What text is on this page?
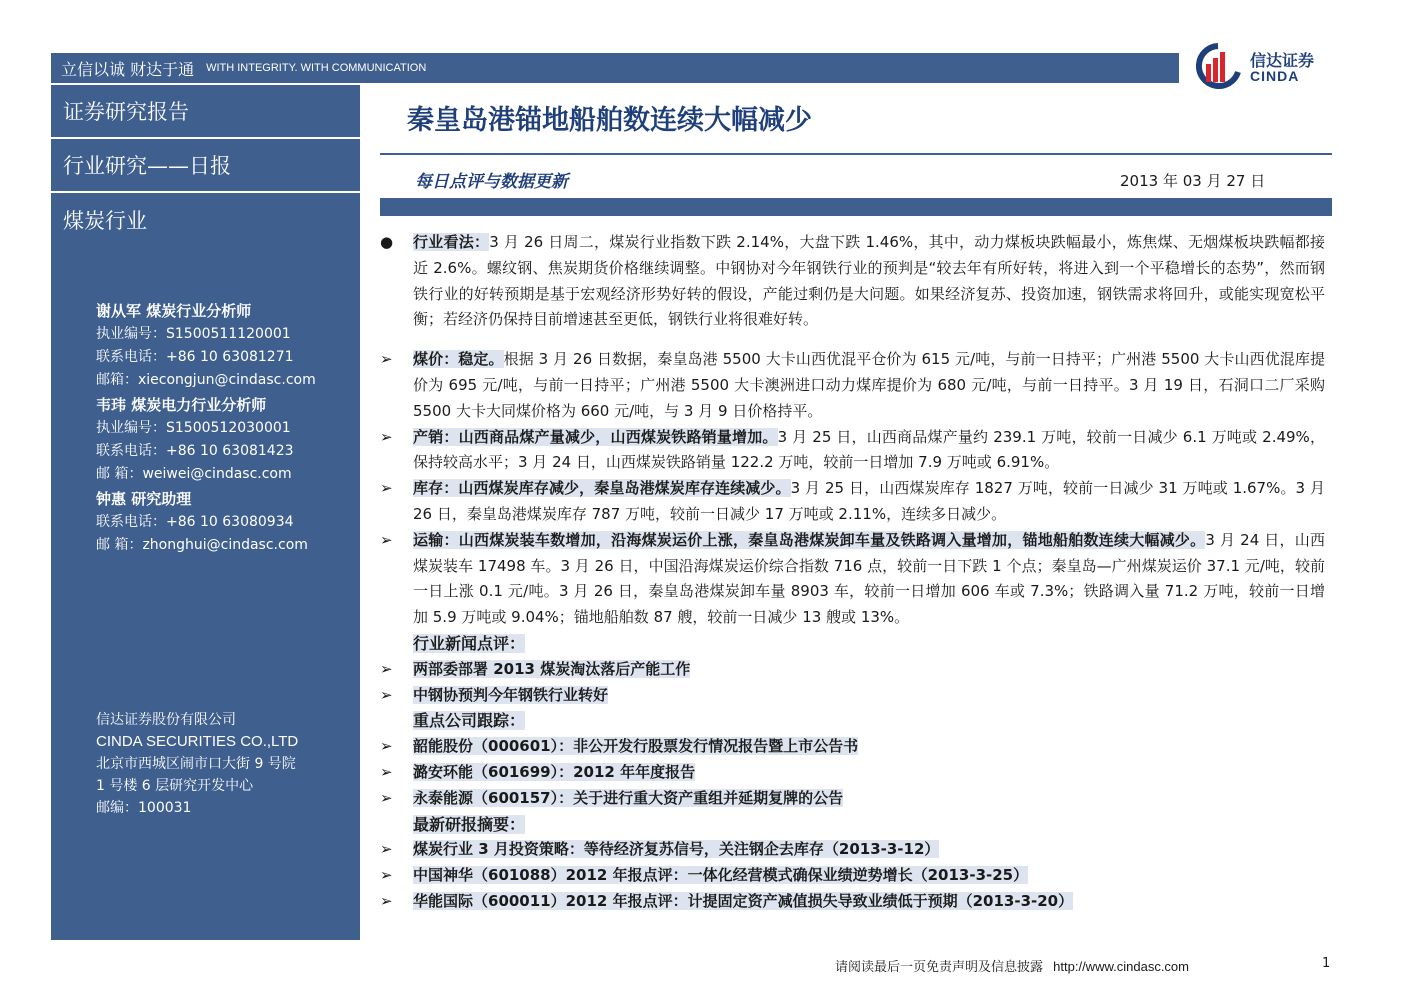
立信以诚 财达于通 WITH INTEGRITY. WITH COMMUNICATION	信达证券
CINDA
证券研究报告
行业研究——日报
煤炭行业
谢从军 煤炭行业分析师
执业编号：S1500511120001
联系电话：+86 10 63081271
邮箱：xiecongjun@cindasc.com
韦玮 煤炭电力行业分析师
执业编号：S1500512030001
联系电话：+86 10 63081423
邮 箱：weiwei@cindasc.com
钟惠 研究助理
联系电话：+86 10 63080934
邮 箱：zhonghui@cindasc.com
信达证券股份有限公司
CINDA SECURITIES CO.,LTD
北京市西城区闹市口大街 9 号院
1 号楼 6 层研究开发中心
邮编：100031
秦皇岛港锚地船舶数连续大幅减少
每日点评与数据更新	2013 年 03 月 27 日
●	行业看法：3 月 26 日周二，煤炭行业指数下跌 2.14%，大盘下跌 1.46%，其中，动力煤板块跌幅最小，炼焦煤、无烟煤板块跌幅都接近 2.6%。螺纹钢、焦炭期货价格继续调整。中钢协对今年钢铁行业的预判是“较去年有所好转，将进入到一个平稳增长的态势”，然而钢铁行业的好转预期是基于宏观经济形势好转的假设，产能过剩仍是大问题。如果经济复苏、投资加速，钢铁需求将回升，或能实现宽松平衡；若经济仍保持目前增速甚至更低，钢铁行业将很难好转。
➢	煤价：稳定。根据 3 月 26 日数据，秦皇岛港 5500 大卡山西优混平仓价为 615 元/吨，与前一日持平；广州港 5500 大卡山西优混库提价为 695 元/吨，与前一日持平；广州港 5500 大卡澳洲进口动力煤库提价为 680 元/吨，与前一日持平。3 月 19 日，石洞口二厂采购 5500 大卡大同煤价格为 660 元/吨，与 3 月 9 日价格持平。
➢	产销：山西商品煤产量减少，山西煤炭铁路销量增加。3 月 25 日，山西商品煤产量约 239.1 万吨，较前一日减少 6.1 万吨或 2.49%，保持较高水平；3 月 24 日，山西煤炭铁路销量 122.2 万吨，较前一日增加 7.9 万吨或 6.91%。
➢	库存：山西煤炭库存减少，秦皇岛港煤炭库存连续减少。3 月 25 日，山西煤炭库存 1827 万吨，较前一日减少 31 万吨或 1.67%。3 月 26 日，秦皇岛港煤炭库存 787 万吨，较前一日减少 17 万吨或 2.11%，连续多日减少。
➢	运输：山西煤炭装车数增加，沿海煤炭运价上涨，秦皇岛港煤炭卸车量及铁路调入量增加，锚地船舶数连续大幅减少。3 月 24 日，山西煤炭装车 17498 车。3 月 26 日，中国沿海煤炭运价综合指数 716 点，较前一日下跌 1 个点；秦皇岛—广州煤炭运价 37.1 元/吨，较前一日上涨 0.1 元/吨。3 月 26 日，秦皇岛港煤炭卸车量 8903 车，较前一日增加 606 车或 7.3%；铁路调入量 71.2 万吨，较前一日增加 5.9 万吨或 9.04%；锚地船舶数 87 艘，较前一日减少 13 艘或 13%。
行业新闻点评：
➢ 两部委部署 2013 煤炭淘汰落后产能工作
➢ 中钢协预判今年钢铁行业转好
重点公司跟踪：
➢ 韶能股份（000601）：非公开发行股票发行情况报告暨上市公告书
➢ 潞安环能（601699）：2012 年年度报告
➢ 永泰能源（600157）：关于进行重大资产重组并延期复牌的公告
最新研报摘要：
➢ 煤炭行业 3 月投资策略：等待经济复苏信号，关注钢企去库存（2013-3-12）
➢ 中国神华（601088）2012 年报点评：一体化经营模式确保业绩逆势增长（2013-3-25）
➢ 华能国际（600011）2012 年报点评：计提固定资产减值损失导致业绩低于预期（2013-3-20）
请阅读最后一页免责声明及信息披露 http://www.cindasc.com	1
